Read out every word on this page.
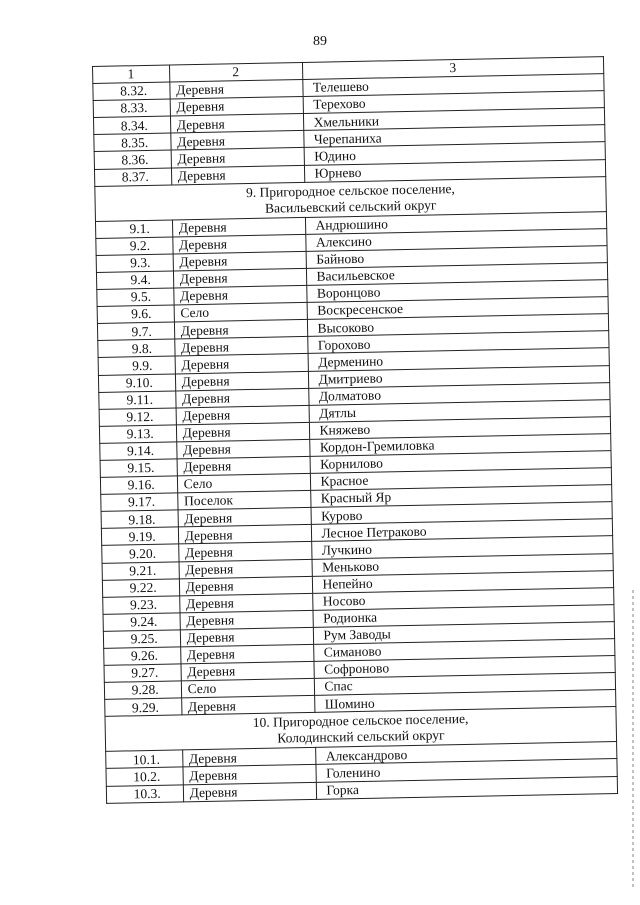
89
1	2	3
8.32.	Деревня	Телешево
8.33.	Деревня	Терехово
8.34.	Деревня	Хмельники
8.35.	Деревня	Черепаниха
8.36.	Деревня	Юдино
8.37.	Деревня	Юрнево

9. Пригородное сельское поселение,
Васильевский сельский округ		

9.1.	Деревня	Андрюшино
9.2.	Деревня	Алексино
9.3.	Деревня	Байново
9.4.	Деревня	Васильевское
9.5.	Деревня	Воронцово
9.6.	Село	Воскресенское
9.7.	Деревня	Высоково
9.8.	Деревня	Горохово
9.9.	Деревня	Дерменино
9.10.	Деревня	Дмитриево
9.11.	Деревня	Долматово
9.12.	Деревня	Дятлы
9.13.	Деревня	Княжево
9.14.	Деревня	Кордон-Гремиловка
9.15.	Деревня	Корнилово
9.16.	Село	Красное
9.17.	Поселок	Красный Яр
9.18.	Деревня	Курово
9.19.	Деревня	Лесное Петраково
9.20.	Деревня	Лучкино
9.21.	Деревня	Меньково
9.22.	Деревня	Непейно
9.23.	Деревня	Носово
9.24.	Деревня	Родионка
9.25.	Деревня	Рум Заводы
9.26.	Деревня	Симаново
9.27.	Деревня	Софроново
9.28.	Село	Спас
9.29.	Деревня	Шомино

10. Пригородное сельское поселение,
Колодинский сельский округ		

10.1.	Деревня	Александрово
10.2.	Деревня	Голенино
10.3.	Деревня	Горка
